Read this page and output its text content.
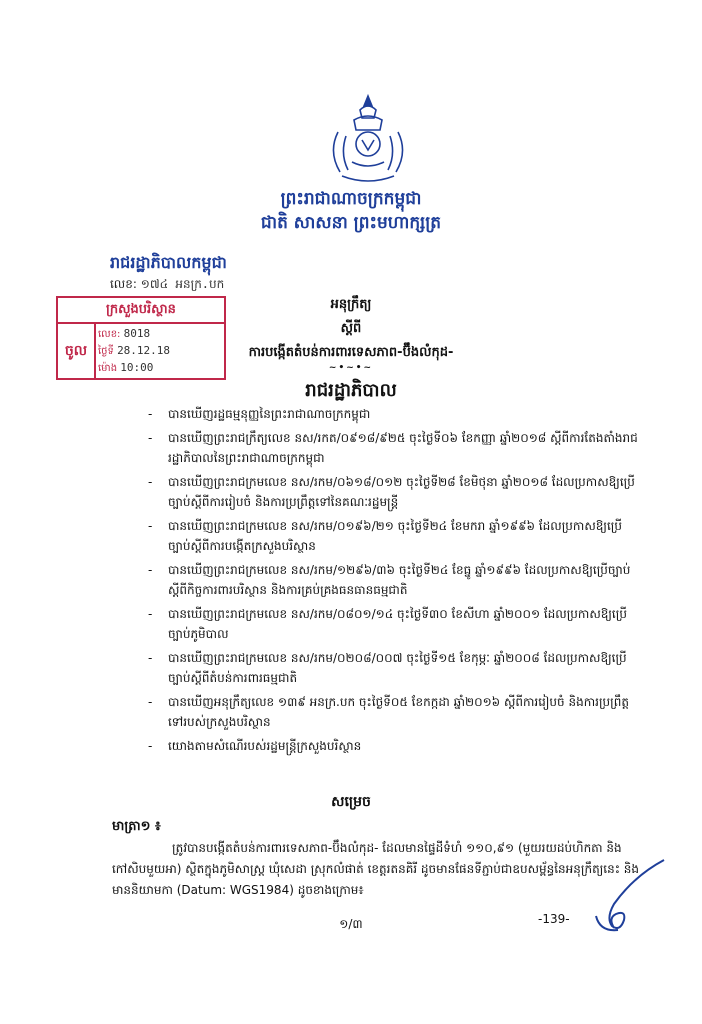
ព្រះរាជាណាចក្រកម្ពុជា
ជាតិ សាសនា ព្រះមហាក្សត្រ
រាជរដ្ឋាភិបាលកម្ពុជា
លេខ: ១៧៤ អនក្រ.បក
ក្រសួងបរិស្ថាន
ចូល
លេខ: 8018
ថ្ងៃទី 28.12.18
ម៉ោង 10:00
អនុក្រឹត្យ
ស្តីពី
ការបង្កើតតំបន់ការពារទេសភាព-ប៊ឹងលំកុដ-
~•~•~
រាជរដ្ឋាភិបាល
- បានឃើញរដ្ឋធម្មនុញ្ញនៃព្រះរាជាណាចក្រកម្ពុជា
- បានឃើញព្រះរាជក្រឹត្យលេខ នស/រកត/០៩១៨/៩២៥ ចុះថ្ងៃទី០៦ ខែកញ្ញា ឆ្នាំ២០១៨ ស្តីពីការតែងតាំងរាជរដ្ឋាភិបាលនៃព្រះរាជាណាចក្រកម្ពុជា
- បានឃើញព្រះរាជក្រមលេខ នស/រកម/០៦១៨/០១២ ចុះថ្ងៃទី២៨ ខែមិថុនា ឆ្នាំ២០១៨ ដែលប្រកាសឱ្យប្រើច្បាប់ស្តីពីការរៀបចំ និងការប្រព្រឹត្តទៅនៃគណៈរដ្ឋមន្ត្រី
- បានឃើញព្រះរាជក្រមលេខ នស/រកម/០១៩៦/២១ ចុះថ្ងៃទី២៤ ខែមករា ឆ្នាំ១៩៩៦ ដែលប្រកាសឱ្យប្រើច្បាប់ស្តីពីការបង្កើតក្រសួងបរិស្ថាន
- បានឃើញព្រះរាជក្រមលេខ នស/រកម/១២៩៦/៣៦ ចុះថ្ងៃទី២៤ ខែធ្នូ ឆ្នាំ១៩៩៦ ដែលប្រកាសឱ្យប្រើច្បាប់ស្តីពីកិច្ចការពារបរិស្ថាន និងការគ្រប់គ្រងធនធានធម្មជាតិ
- បានឃើញព្រះរាជក្រមលេខ នស/រកម/០៨០១/១៤ ចុះថ្ងៃទី៣០ ខែសីហា ឆ្នាំ២០០១ ដែលប្រកាសឱ្យប្រើច្បាប់ភូមិបាល
- បានឃើញព្រះរាជក្រមលេខ នស/រកម/០២០៨/០០៧ ចុះថ្ងៃទី១៥ ខែកុម្ភៈ ឆ្នាំ២០០៨ ដែលប្រកាសឱ្យប្រើច្បាប់ស្តីពីតំបន់ការពារធម្មជាតិ
- បានឃើញអនុក្រឹត្យលេខ ១៣៩ អនក្រ.បក ចុះថ្ងៃទី០៥ ខែកក្កដា ឆ្នាំ២០១៦ ស្តីពីការរៀបចំ និងការប្រព្រឹត្តទៅរបស់ក្រសួងបរិស្ថាន
- យោងតាមសំណើរបស់រដ្ឋមន្ត្រីក្រសួងបរិស្ថាន
សម្រេច
មាត្រា១ ៖
ត្រូវបានបង្កើតតំបន់ការពារទេសភាព-ប៊ឹងលំកុដ- ដែលមានផ្ទៃដីទំហំ ១១០,៩១ (មួយរយដប់ហិកតា និងកៅសិបមួយអា) ស្ថិតក្នុងភូមិសាស្ត្រ ឃុំសេដា ស្រុកលំផាត់ ខេត្តរតនគិរី ដូចមានផែនទីភ្ជាប់ជាឧបសម្ព័ន្ធនៃអនុក្រឹត្យនេះ និងមាននិយាមកា (Datum: WGS1984) ដូចខាងក្រោម៖
១/៣	-139-
